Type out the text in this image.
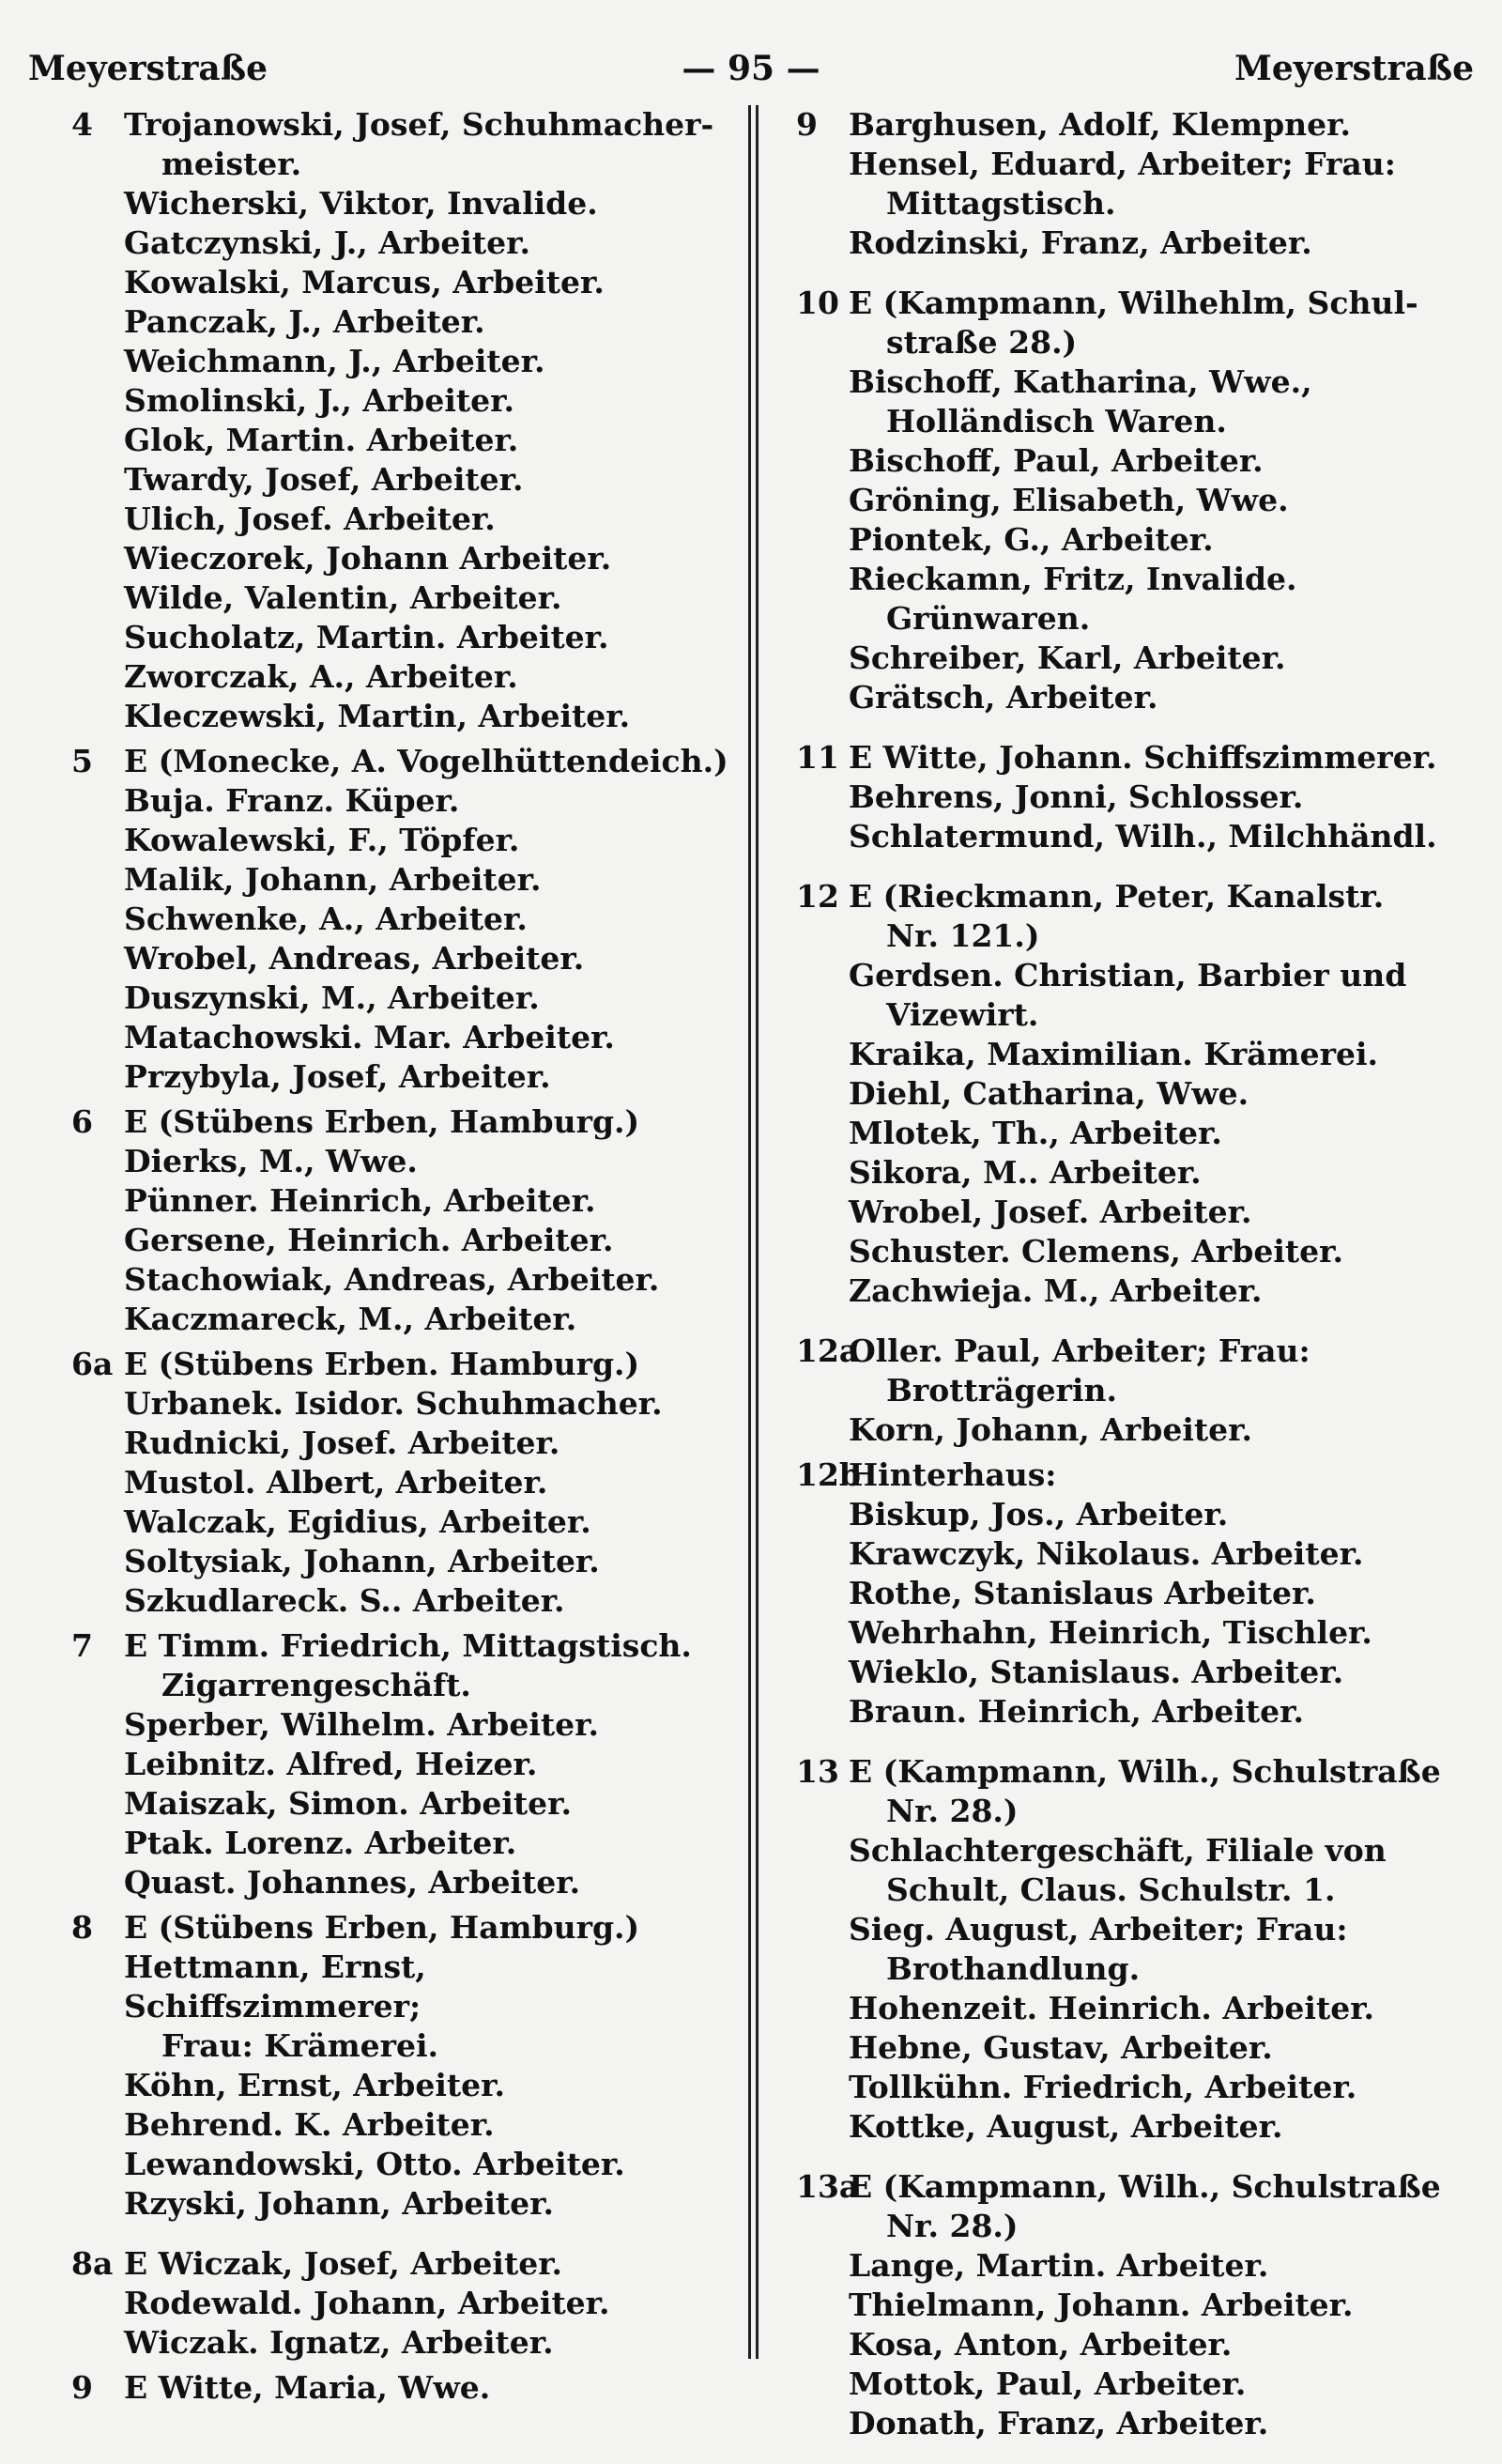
Meyerstraße	— 95 —	Meyerstraße
4 Trojanowski, Josef, Schuhmacher-
meister.
Wicherski, Viktor, Invalide.
Gatczynski, J., Arbeiter.
Kowalski, Marcus, Arbeiter.
Panczak, J., Arbeiter.
Weichmann, J., Arbeiter.
Smolinski, J., Arbeiter.
Glok, Martin. Arbeiter.
Twardy, Josef, Arbeiter.
Ulich, Josef. Arbeiter.
Wieczorek, Johann Arbeiter.
Wilde, Valentin, Arbeiter.
Sucholatz, Martin. Arbeiter.
Zworczak, A., Arbeiter.
Kleczewski, Martin, Arbeiter.
5 E (Monecke, A. Vogelhüttendeich.)
Buja. Franz. Küper.
Kowalewski, F., Töpfer.
Malik, Johann, Arbeiter.
Schwenke, A., Arbeiter.
Wrobel, Andreas, Arbeiter.
Duszynski, M., Arbeiter.
Matachowski. Mar. Arbeiter.
Przybyla, Josef, Arbeiter.
6 E (Stübens Erben, Hamburg.)
Dierks, M., Wwe.
Pünner. Heinrich, Arbeiter.
Gersene, Heinrich. Arbeiter.
Stachowiak, Andreas, Arbeiter.
Kaczmareck, M., Arbeiter.
6a E (Stübens Erben. Hamburg.)
Urbanek. Isidor. Schuhmacher.
Rudnicki, Josef. Arbeiter.
Mustol. Albert, Arbeiter.
Walczak, Egidius, Arbeiter.
Soltysiak, Johann, Arbeiter.
Szkudlareck. S.. Arbeiter.
7 E Timm. Friedrich, Mittagstisch.
Zigarrengeschäft.
Sperber, Wilhelm. Arbeiter.
Leibnitz. Alfred, Heizer.
Maiszak, Simon. Arbeiter.
Ptak. Lorenz. Arbeiter.
Quast. Johannes, Arbeiter.
8 E (Stübens Erben, Hamburg.)
Hettmann, Ernst, Schiffszimmerer;
Frau: Krämerei.
Köhn, Ernst, Arbeiter.
Behrend. K. Arbeiter.
Lewandowski, Otto. Arbeiter.
Rzyski, Johann, Arbeiter.
8a E Wiczak, Josef, Arbeiter.
Rodewald. Johann, Arbeiter.
Wiczak. Ignatz, Arbeiter.
9 E Witte, Maria, Wwe.
9 Barghusen, Adolf, Klempner.
Hensel, Eduard, Arbeiter; Frau:
Mittagstisch.
Rodzinski, Franz, Arbeiter.
10 E (Kampmann, Wilhehlm, Schul-
straße 28.)
Bischoff, Katharina, Wwe.,
Holländisch Waren.
Bischoff, Paul, Arbeiter.
Gröning, Elisabeth, Wwe.
Piontek, G., Arbeiter.
Rieckamn, Fritz, Invalide.
Grünwaren.
Schreiber, Karl, Arbeiter.
Grätsch, Arbeiter.
11 E Witte, Johann. Schiffszimmerer.
Behrens, Jonni, Schlosser.
Schlatermund, Wilh., Milchhändl.
12 E (Rieckmann, Peter, Kanalstr.
Nr. 121.)
Gerdsen. Christian, Barbier und
Vizewirt.
Kraika, Maximilian. Krämerei.
Diehl, Catharina, Wwe.
Mlotek, Th., Arbeiter.
Sikora, M.. Arbeiter.
Wrobel, Josef. Arbeiter.
Schuster. Clemens, Arbeiter.
Zachwieja. M., Arbeiter.
12a
Oller. Paul, Arbeiter; Frau:
Brotträgerin.
Korn, Johann, Arbeiter.
12b
Hinterhaus:
Biskup, Jos., Arbeiter.
Krawczyk, Nikolaus. Arbeiter.
Rothe, Stanislaus Arbeiter.
Wehrhahn, Heinrich, Tischler.
Wieklo, Stanislaus. Arbeiter.
Braun. Heinrich, Arbeiter.
13 E (Kampmann, Wilh., Schulstraße
Nr. 28.)
Schlachtergeschäft, Filiale von
Schult, Claus. Schulstr. 1.
Sieg. August, Arbeiter; Frau:
Brothandlung.
Hohenzeit. Heinrich. Arbeiter.
Hebne, Gustav, Arbeiter.
Tollkühn. Friedrich, Arbeiter.
Kottke, August, Arbeiter.
13a
E (Kampmann, Wilh., Schulstraße
Nr. 28.)
Lange, Martin. Arbeiter.
Thielmann, Johann. Arbeiter.
Kosa, Anton, Arbeiter.
Mottok, Paul, Arbeiter.
Donath, Franz, Arbeiter.
